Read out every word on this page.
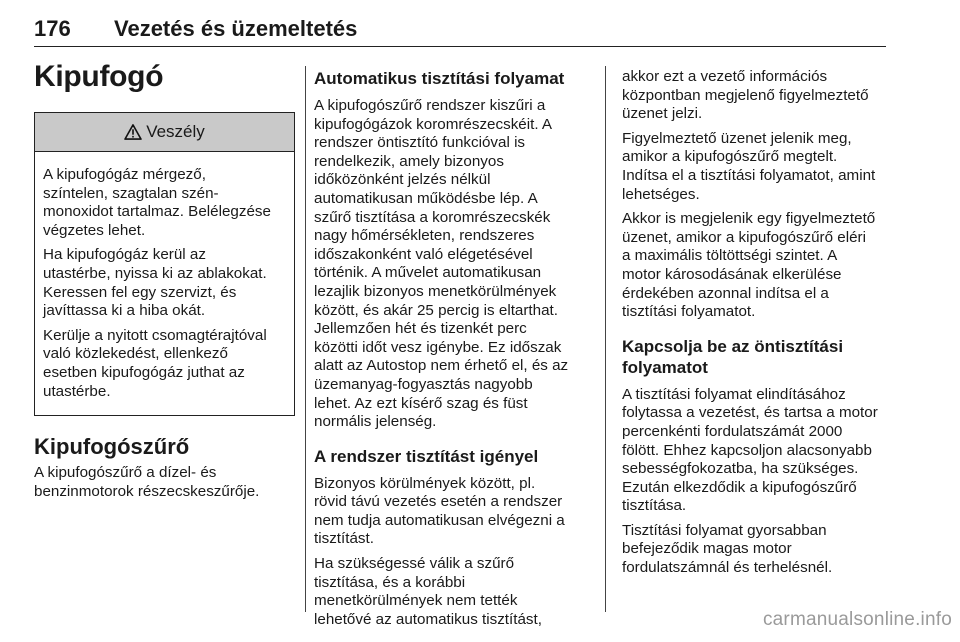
176 Vezetés és üzemeltetés
Kipufogó
Veszély

A kipufogógáz mérgező,
színtelen, szagtalan szén-
monoxidot tartalmaz. Belélegzése
végzetes lehet.

Ha kipufogógáz kerül az
utastérbe, nyissa ki az ablakokat.
Keressen fel egy szervizt, és
javíttassa ki a hiba okát.

Kerülje a nyitott csomagtérajtóval
való közlekedést, ellenkező
esetben kipufogógáz juthat az
utastérbe.

Kipufogószűrő

A kipufogószűrő a dízel- és
benzinmotorok részecskeszűrője.

Automatikus tisztítási folyamat

A kipufogószűrő rendszer kiszűri a
kipufogógázok koromrészecskéit. A
rendszer öntisztító funkcióval is
rendelkezik, amely bizonyos
időközönként jelzés nélkül
automatikusan működésbe lép. A
szűrő tisztítása a koromrészecskék
nagy hőmérsékleten, rendszeres
időszakonként való elégetésével
történik. A művelet automatikusan
lezajlik bizonyos menetkörülmények
között, és akár 25 percig is eltarthat.
Jellemzően hét és tizenkét perc
közötti időt vesz igénybe. Ez időszak
alatt az Autostop nem érhető el, és az
üzemanyag-fogyasztás nagyobb
lehet. Az ezt kísérő szag és füst
normális jelenség.

A rendszer tisztítást igényel

Bizonyos körülmények között, pl.
rövid távú vezetés esetén a rendszer
nem tudja automatikusan elvégezni a
tisztítást.

Ha szükségessé válik a szűrő
tisztítása, és a korábbi
menetkörülmények nem tették
lehetővé az automatikus tisztítást,

akkor ezt a vezető információs
központban megjelenő figyelmeztető
üzenet jelzi.

Figyelmeztető üzenet jelenik meg,
amikor a kipufogószűrő megtelt.
Indítsa el a tisztítási folyamatot, amint
lehetséges.

Akkor is megjelenik egy figyelmeztető
üzenet, amikor a kipufogószűrő eléri
a maximális töltöttségi szintet. A
motor károsodásának elkerülése
érdekében azonnal indítsa el a
tisztítási folyamatot.

Kapcsolja be az öntisztítási
folyamatot

A tisztítási folyamat elindításához
folytassa a vezetést, és tartsa a motor
percenkénti fordulatszámát 2000
fölött. Ehhez kapcsoljon alacsonyabb
sebességfokozatba, ha szükséges.
Ezután elkezdődik a kipufogószűrő
tisztítása.

Tisztítási folyamat gyorsabban
befejeződik magas motor
fordulatszámnál és terhelésnél.

carmanualsonline.info
